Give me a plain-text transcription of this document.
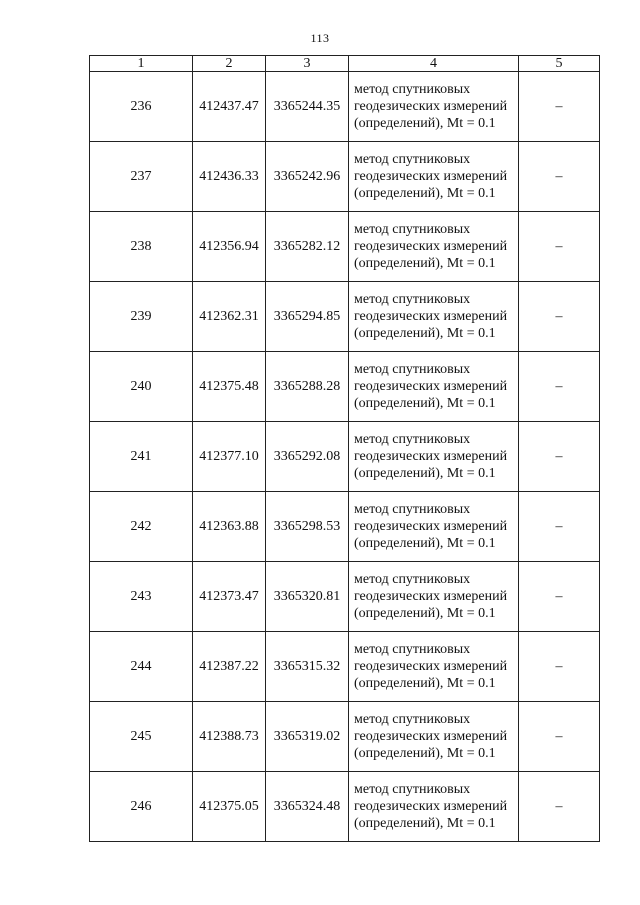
113
1	2	3	4	5
236	412437.47	3365244.35	метод спутниковых геодезических измерений (определений), Mt = 0.1	–
237	412436.33	3365242.96	метод спутниковых геодезических измерений (определений), Mt = 0.1	–
238	412356.94	3365282.12	метод спутниковых геодезических измерений (определений), Mt = 0.1	–
239	412362.31	3365294.85	метод спутниковых геодезических измерений (определений), Mt = 0.1	–
240	412375.48	3365288.28	метод спутниковых геодезических измерений (определений), Mt = 0.1	–
241	412377.10	3365292.08	метод спутниковых геодезических измерений (определений), Mt = 0.1	–
242	412363.88	3365298.53	метод спутниковых геодезических измерений (определений), Mt = 0.1	–
243	412373.47	3365320.81	метод спутниковых геодезических измерений (определений), Mt = 0.1	–
244	412387.22	3365315.32	метод спутниковых геодезических измерений (определений), Mt = 0.1	–
245	412388.73	3365319.02	метод спутниковых геодезических измерений (определений), Mt = 0.1	–
246	412375.05	3365324.48	метод спутниковых геодезических измерений (определений), Mt = 0.1	–
